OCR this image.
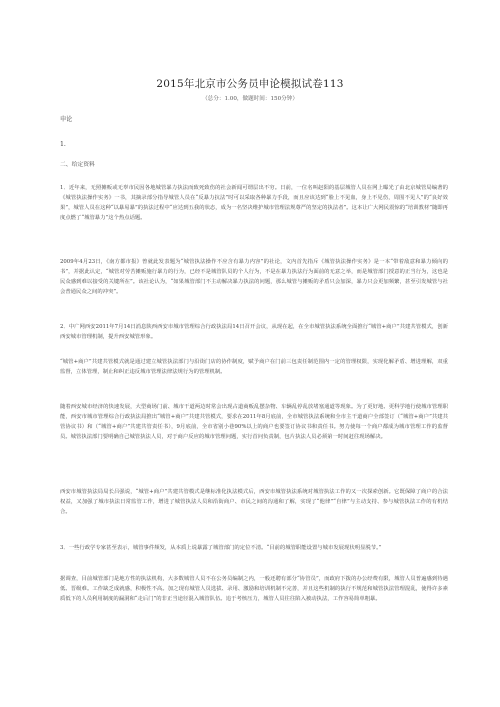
2015年北京市公务员申论模拟试卷113
（总分：1.00，做题时间：150分钟）
申论
1.
二、给定资料
1．近年来，无照摊贩或无辜市民因各地城管暴力执法而致死致伤的社会新闻可谓层出不穷。日前，一位名叫赵阳的基层城管人员在网上曝光了由北京城管局编著的《城管执法操作实务》一书，其摘录部分指导城管人员在“反暴力抗法”时可以采取各种暴力手段，而且应该达到“脸上不见血，身上不见伤，周围不见人”的“良好效果”，城管人员在这种“以暴易暴”的执法过程中“应达到五我的状态，成为一名坚决维护城市管理法规尊严的坚定的执法者”。这本让广大网民震惊的“培训教材”随即再度点燃了“城管暴力”这个热点话题。
2009年4月23日，《南方都市报》曾就此发表题为“城管执法操作不应含有暴力内容”的社论，文内首先指斥《城管执法操作实务》是一本“带着敌意和暴力倾向的书”，并据此认定，“城管对劳苦摊贩施行暴力的行为，已经不是城管队员的个人行为，不是在暴力执法行为面前的无意之举，而是城管部门授意的正当行为，这也是民众感到难以接受的关键所在”。该社论认为，“如果城管部门不主动解决暴力执法的问题，那么城管与摊贩的矛盾只会加深，暴力只会更加频繁，甚至引发城管与社会普通民众之间的冲突”。
2．中广网西安2011年7月14日消息陕西西安市城市管理综合行政执法局14日召开会议，从现在起，在全市城管执法系统全面推行“城管+商户”共建共管模式，创新西安城市管理机制，提升西安城管形象。
“城管+商户”共建共管模式就是通过建立城管执法部门与沿街门店的协作制度，赋予商户在门前三包责任制范围内一定的管理权限，实现化解矛盾、增进理解，双重监督，立体管理，制止和纠正违反城市管理法律法规行为的管理机制。
随着西安城市经济的快速发展，大型商场门前、城市干道两边时常会出现占道商贩乱摆杂物、车辆乱停乱放堵塞通道等现象。为了更好地、更科学地行使城市管理职能，西安市城市管理综合行政执法局推出“城管+商户”共建共管模式，要求在2011年8月底前，全市城管执法系统和全市主干道商户全部签订（“城管+商户”共建共管协议书）和（“城管+商户”共建共管责任书），9月底前，全市省别小巷90%以上的商户也要签订协议书和责任书。努力使每一个商户都成为城市管理工作的监督员。城管执法部门要明确自己城管执法人员，对于商户反应的城市管理问题，实行首问负责制，包片执法人员必须第一时间赶往现场解决。
西安市城管执法局局长吕强说，“城管+商户”共建共管模式是继标准化执法模式后，西安市城管执法系统对城管执法工作的又一次探索创新。它既保障了商户的合法权益，又加强了城市执法日常监管工作，增进了城管执法人员和沿街商户、市民之间的沟通和了解，实现了“他律”“自律”与主动支持、参与城管执法工作的有机结合。
3．一些行政学专家甚至表示，城管事件频发，从本质上说暴露了城管部门的定位不清。“目前的城管职能设置与城市发展现状明显脱节。”
据调查，目前城管部门是地方性的执法机构，大多数城管人员不在公务员编制之内，一般还聘有部分“协管员”，而政府下拨的办公经费有限，城管人员普遍感到待遇低、晋级难。工作缺乏成就感，积极性不高。加之现有城管人员选拔、录用、激励和培训机制不完善，并且这些机制的执行不规范和城管执法管理混乱，使得许多素质低下的人员利用制度的漏洞和“走后门”的非正当途径混入城管队伍。追于考核压力，城管人员往往陷入被动执法，工作容易简单粗暴。
